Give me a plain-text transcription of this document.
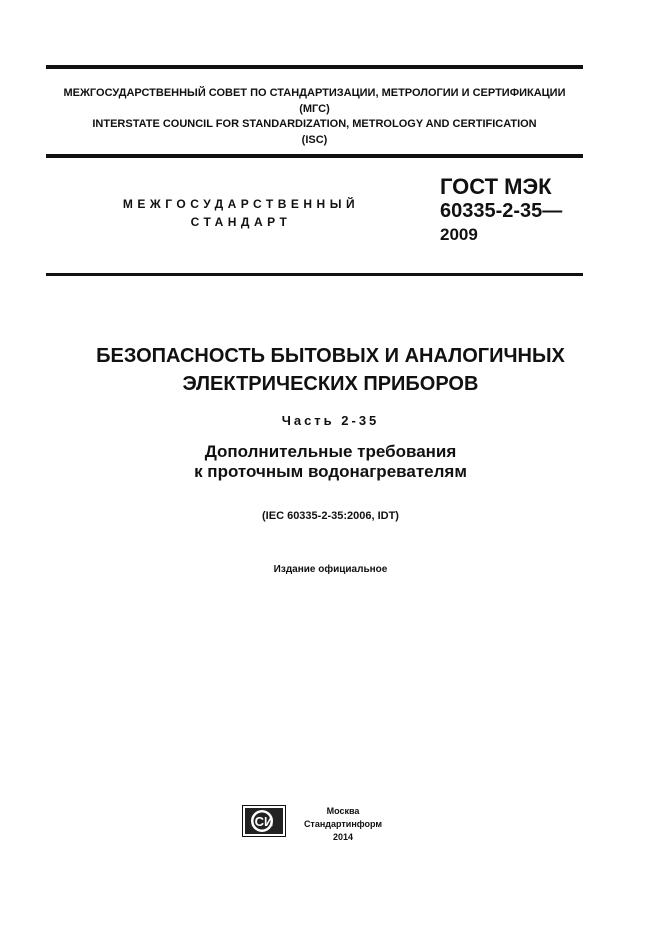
МЕЖГОСУДАРСТВЕННЫЙ СОВЕТ ПО СТАНДАРТИЗАЦИИ, МЕТРОЛОГИИ И СЕРТИФИКАЦИИ
(МГС)
INTERSTATE COUNCIL FOR STANDARDIZATION, METROLOGY AND CERTIFICATION
(ISC)
МЕЖГОСУДАРСТВЕННЫЙ
СТАНДАРТ
ГОСТ МЭК
60335-2-35—
2009
БЕЗОПАСНОСТЬ БЫТОВЫХ И АНАЛОГИЧНЫХ
ЭЛЕКТРИЧЕСКИХ ПРИБОРОВ
Часть 2-35
Дополнительные требования
к проточным водонагревателям
(IEC 60335-2-35:2006, IDT)
Издание официальное
СИ
Москва
Стандартинформ
2014
